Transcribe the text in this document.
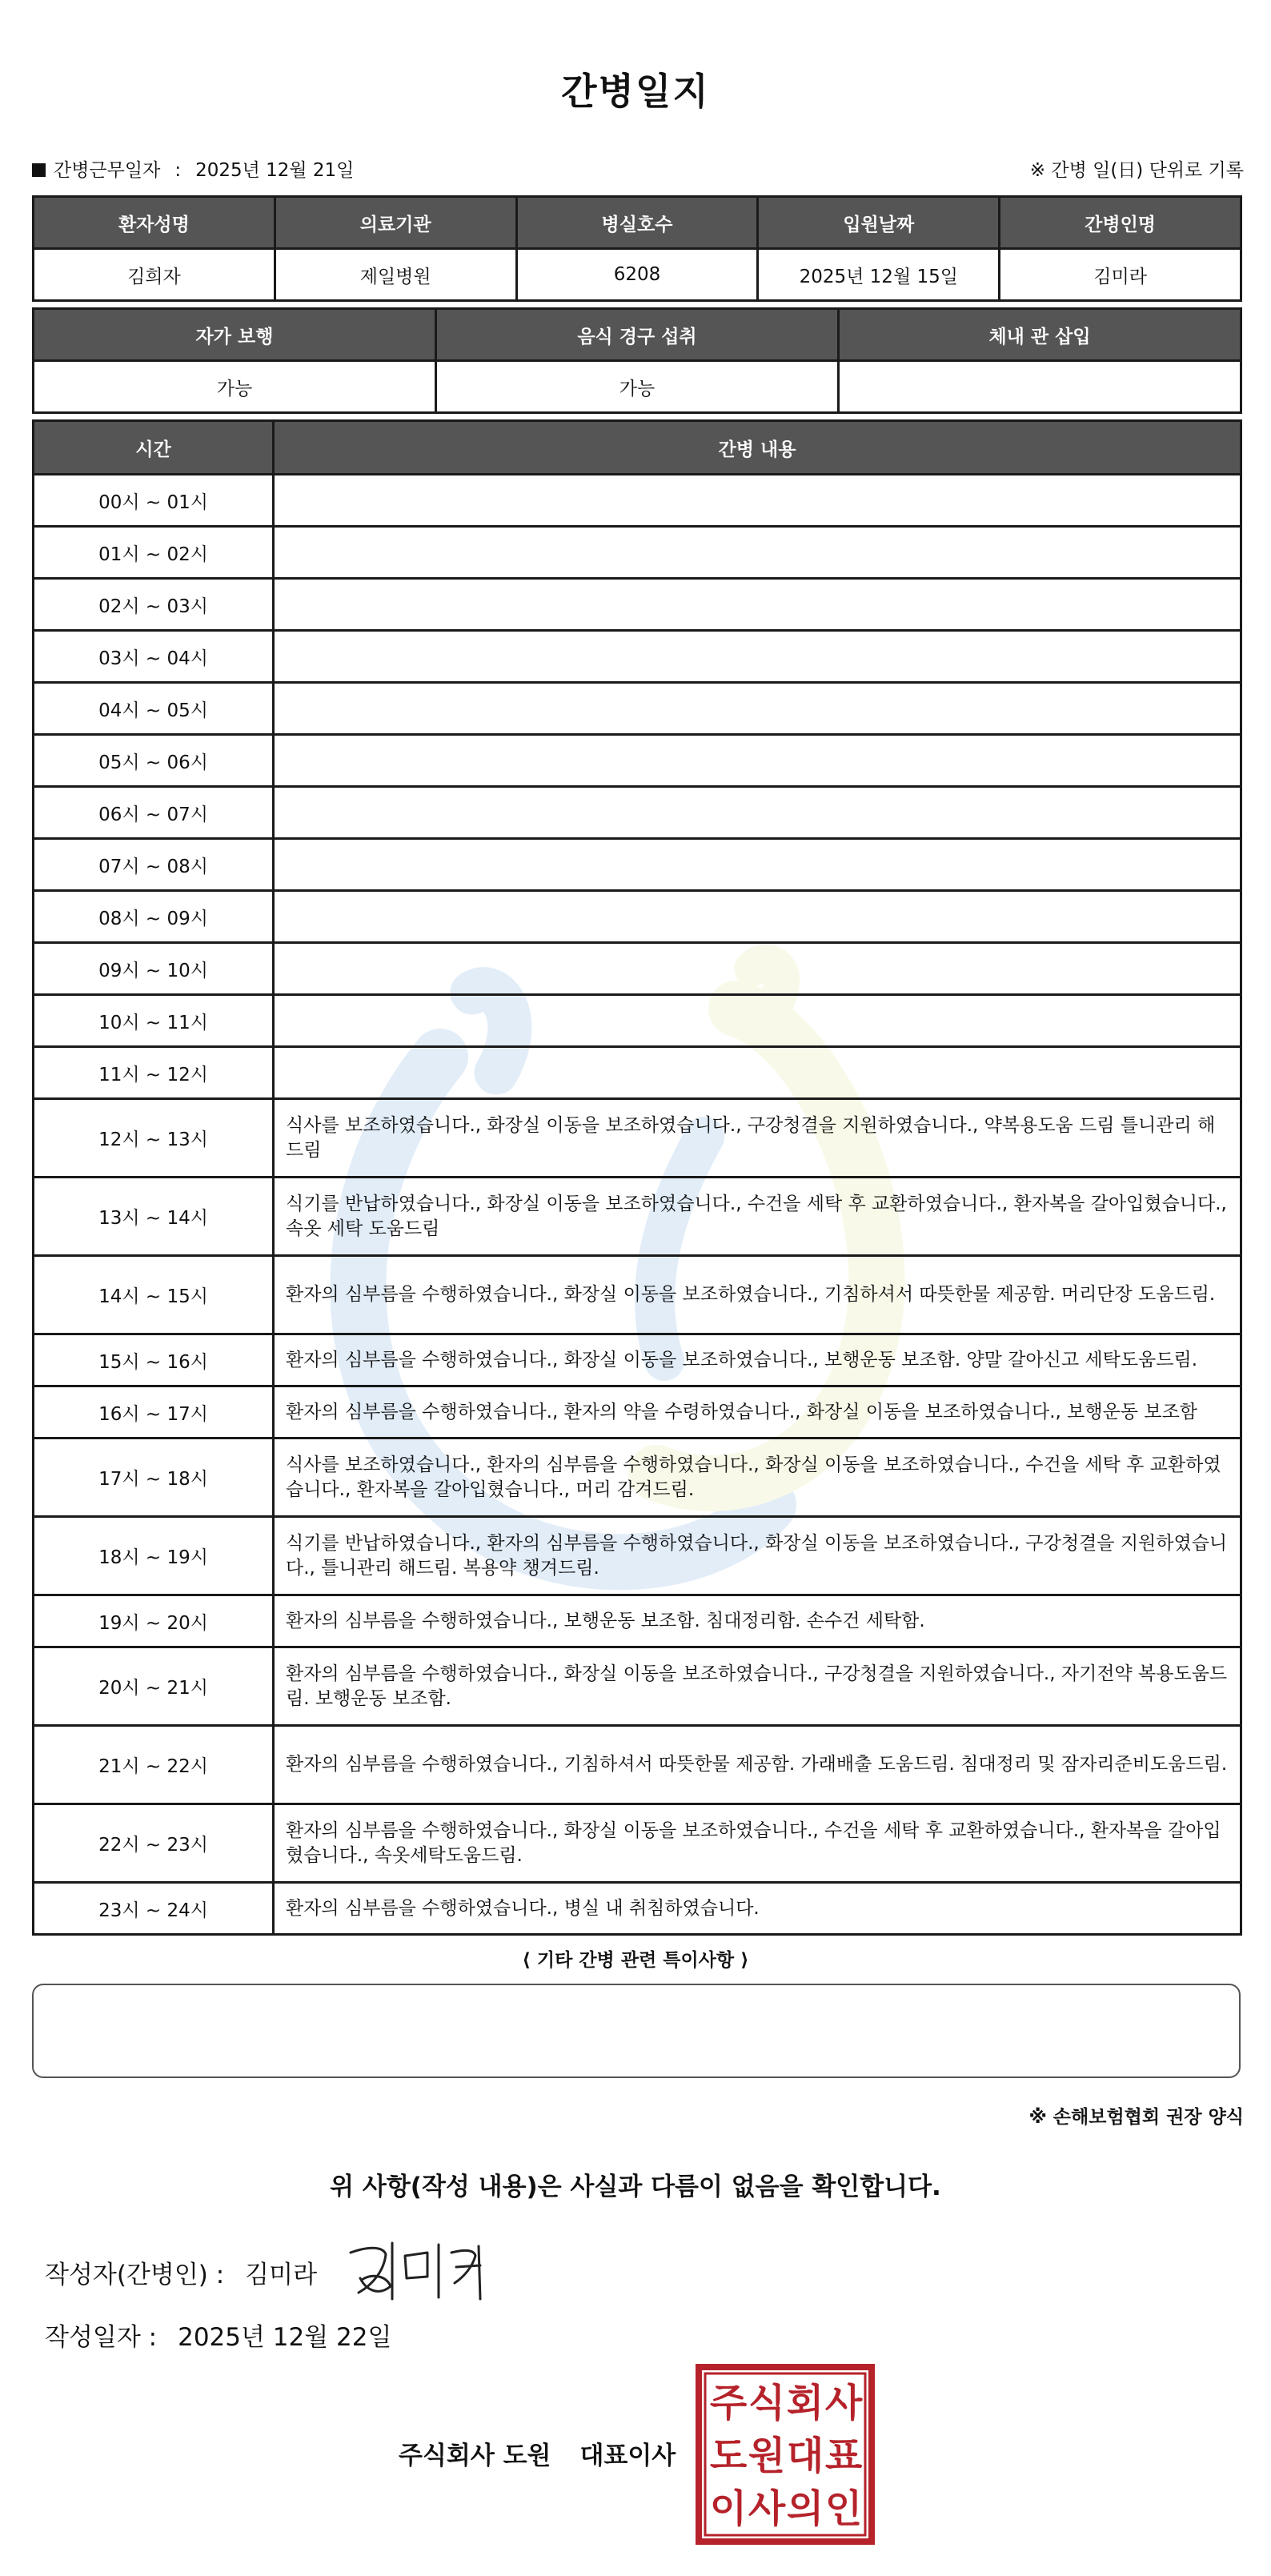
간병일지
간병근무일자 : 2025년 12월 21일	※ 간병 일(日) 단위로 기록
환자성명	의료기관	병실호수	입원날짜	간병인명
김희자	제일병원	6208	2025년 12월 15일	김미라
자가 보행	음식 경구 섭취	체내 관 삽입
가능	가능	
시간	간병 내용
00시 ~ 01시	
01시 ~ 02시	
02시 ~ 03시	
03시 ~ 04시	
04시 ~ 05시	
05시 ~ 06시	
06시 ~ 07시	
07시 ~ 08시	
08시 ~ 09시	
09시 ~ 10시	
10시 ~ 11시	
11시 ~ 12시	
12시 ~ 13시	식사를 보조하였습니다., 화장실 이동을 보조하였습니다., 구강청결을 지원하였습니다., 약복용도움 드림 틀니관리 해드림
13시 ~ 14시	식기를 반납하였습니다., 화장실 이동을 보조하였습니다., 수건을 세탁 후 교환하였습니다., 환자복을 갈아입혔습니다., 속옷 세탁 도움드림
14시 ~ 15시	환자의 심부름을 수행하였습니다., 화장실 이동을 보조하였습니다., 기침하셔서 따뜻한물 제공함. 머리단장 도움드림.
15시 ~ 16시	환자의 심부름을 수행하였습니다., 화장실 이동을 보조하였습니다., 보행운동 보조함. 양말 갈아신고 세탁도움드림.
16시 ~ 17시	환자의 심부름을 수행하였습니다., 환자의 약을 수령하였습니다., 화장실 이동을 보조하였습니다., 보행운동 보조함
17시 ~ 18시	식사를 보조하였습니다., 환자의 심부름을 수행하였습니다., 화장실 이동을 보조하였습니다., 수건을 세탁 후 교환하였습니다., 환자복을 갈아입혔습니다., 머리 감겨드림.
18시 ~ 19시	식기를 반납하였습니다., 환자의 심부름을 수행하였습니다., 화장실 이동을 보조하였습니다., 구강청결을 지원하였습니다., 틀니관리 해드림. 복용약 챙겨드림.
19시 ~ 20시	환자의 심부름을 수행하였습니다., 보행운동 보조함. 침대정리함. 손수건 세탁함.
20시 ~ 21시	환자의 심부름을 수행하였습니다., 화장실 이동을 보조하였습니다., 구강청결을 지원하였습니다., 자기전약 복용도움드림. 보행운동 보조함.
21시 ~ 22시	환자의 심부름을 수행하였습니다., 기침하셔서 따뜻한물 제공함. 가래배출 도움드림. 침대정리 및 잠자리준비도움드림.
22시 ~ 23시	환자의 심부름을 수행하였습니다., 화장실 이동을 보조하였습니다., 수건을 세탁 후 교환하였습니다., 환자복을 갈아입혔습니다., 속옷세탁도움드림.
23시 ~ 24시	환자의 심부름을 수행하였습니다., 병실 내 취침하였습니다.
⟨ 기타 간병 관련 특이사항 ⟩
※ 손해보험협회 권장 양식
위 사항(작성 내용)은 사실과 다름이 없음을 확인합니다.
작성자(간병인) : 김미라
작성일자 : 2025년 12월 22일
주식회사 도원 대표이사
주 식 회 사
도 원 대 표
이 사 의 인
